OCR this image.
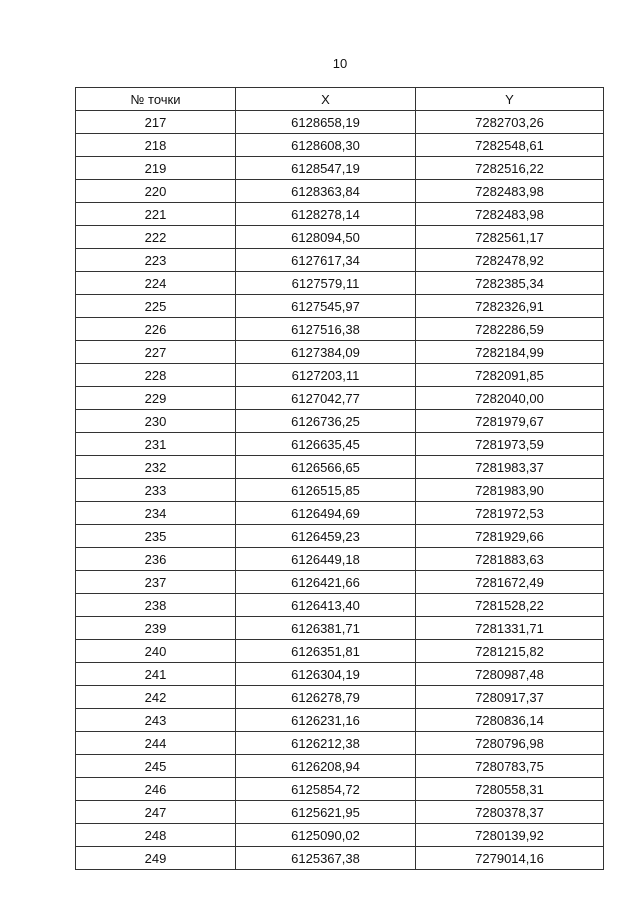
10
№ точки	X	Y
217	6128658,19	7282703,26
218	6128608,30	7282548,61
219	6128547,19	7282516,22
220	6128363,84	7282483,98
221	6128278,14	7282483,98
222	6128094,50	7282561,17
223	6127617,34	7282478,92
224	6127579,11	7282385,34
225	6127545,97	7282326,91
226	6127516,38	7282286,59
227	6127384,09	7282184,99
228	6127203,11	7282091,85
229	6127042,77	7282040,00
230	6126736,25	7281979,67
231	6126635,45	7281973,59
232	6126566,65	7281983,37
233	6126515,85	7281983,90
234	6126494,69	7281972,53
235	6126459,23	7281929,66
236	6126449,18	7281883,63
237	6126421,66	7281672,49
238	6126413,40	7281528,22
239	6126381,71	7281331,71
240	6126351,81	7281215,82
241	6126304,19	7280987,48
242	6126278,79	7280917,37
243	6126231,16	7280836,14
244	6126212,38	7280796,98
245	6126208,94	7280783,75
246	6125854,72	7280558,31
247	6125621,95	7280378,37
248	6125090,02	7280139,92
249	6125367,38	7279014,16
